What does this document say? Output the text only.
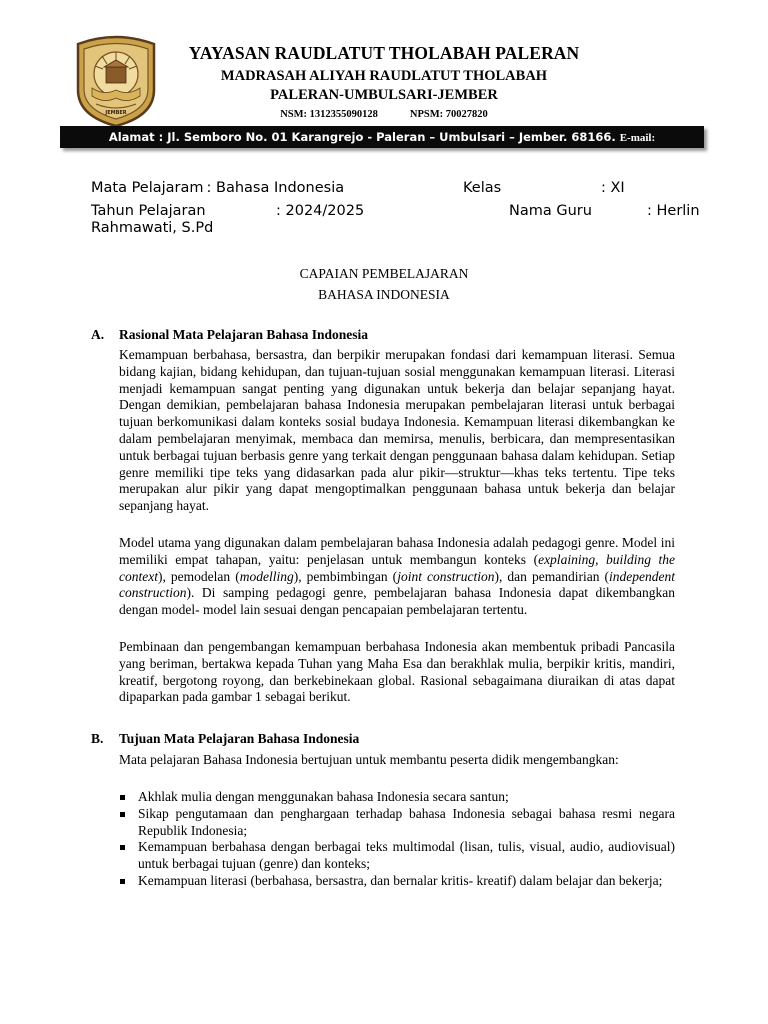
JEMBER
YAYASAN RAUDLATUT THOLABAH PALERAN
MADRASAH ALIYAH RAUDLATUT THOLABAH
PALERAN-UMBULSARI-JEMBER
NSM: 131235509012​8	NPSM: 70027820
Alamat : Jl. Semboro No. 01 Karangrejo - Paleran – Umbulsari – Jember. 68166. E-mail:
Mata Pelajaram : Bahasa Indonesia	Kelas	: XI
Tahun Pelajaran	: 2024/2025	Nama Guru	: Herlin
Rahmawati, S.Pd
CAPAIAN PEMBELAJARAN
BAHASA INDONESIA
A. Rasional Mata Pelajaran Bahasa Indonesia

Kemampuan berbahasa, bersastra, dan berpikir merupakan fondasi dari kemampuan literasi. Semua bidang kajian, bidang kehidupan, dan tujuan-tujuan sosial menggunakan kemampuan literasi. Literasi menjadi kemampuan sangat penting yang digunakan untuk bekerja dan belajar sepanjang hayat. Dengan demikian, pembelajaran bahasa Indonesia merupakan pembelajaran literasi untuk berbagai tujuan berkomunikasi dalam konteks sosial budaya Indonesia. Kemampuan literasi dikembangkan ke dalam pembelajaran menyimak, membaca dan memirsa, menulis, berbicara, dan mempresentasikan untuk berbagai tujuan berbasis genre yang terkait dengan penggunaan bahasa dalam kehidupan. Setiap genre memiliki tipe teks yang didasarkan pada alur pikir—struktur—khas teks tertentu. Tipe teks merupakan alur pikir yang dapat mengoptimalkan penggunaan bahasa untuk bekerja dan belajar sepanjang hayat.

Model utama yang digunakan dalam pembelajaran bahasa Indonesia adalah pedagogi genre. Model ini memiliki empat tahapan, yaitu: penjelasan untuk membangun konteks (explaining, building the context), pemodelan (modelling), pembimbingan (joint construction), dan pemandirian (independent construction). Di samping pedagogi genre, pembelajaran bahasa Indonesia dapat dikembangkan dengan model- model lain sesuai dengan pencapaian pembelajaran tertentu.

Pembinaan dan pengembangan kemampuan berbahasa Indonesia akan membentuk pribadi Pancasila yang beriman, bertakwa kepada Tuhan yang Maha Esa dan berakhlak mulia, berpikir kritis, mandiri, kreatif, bergotong royong, dan berkebinekaan global. Rasional sebagaimana diuraikan di atas dapat dipaparkan pada gambar 1 sebagai berikut.

B. Tujuan Mata Pelajaran Bahasa Indonesia

Mata pelajaran Bahasa Indonesia bertujuan untuk membantu peserta didik mengembangkan:

Akhlak mulia dengan menggunakan bahasa Indonesia secara santun;
Sikap pengutamaan dan penghargaan terhadap bahasa Indonesia sebagai bahasa resmi negara Republik Indonesia;
Kemampuan berbahasa dengan berbagai teks multimodal (lisan, tulis, visual, audio, audiovisual) untuk berbagai tujuan (genre) dan konteks;
Kemampuan literasi (berbahasa, bersastra, dan bernalar kritis- kreatif) dalam belajar dan bekerja;
